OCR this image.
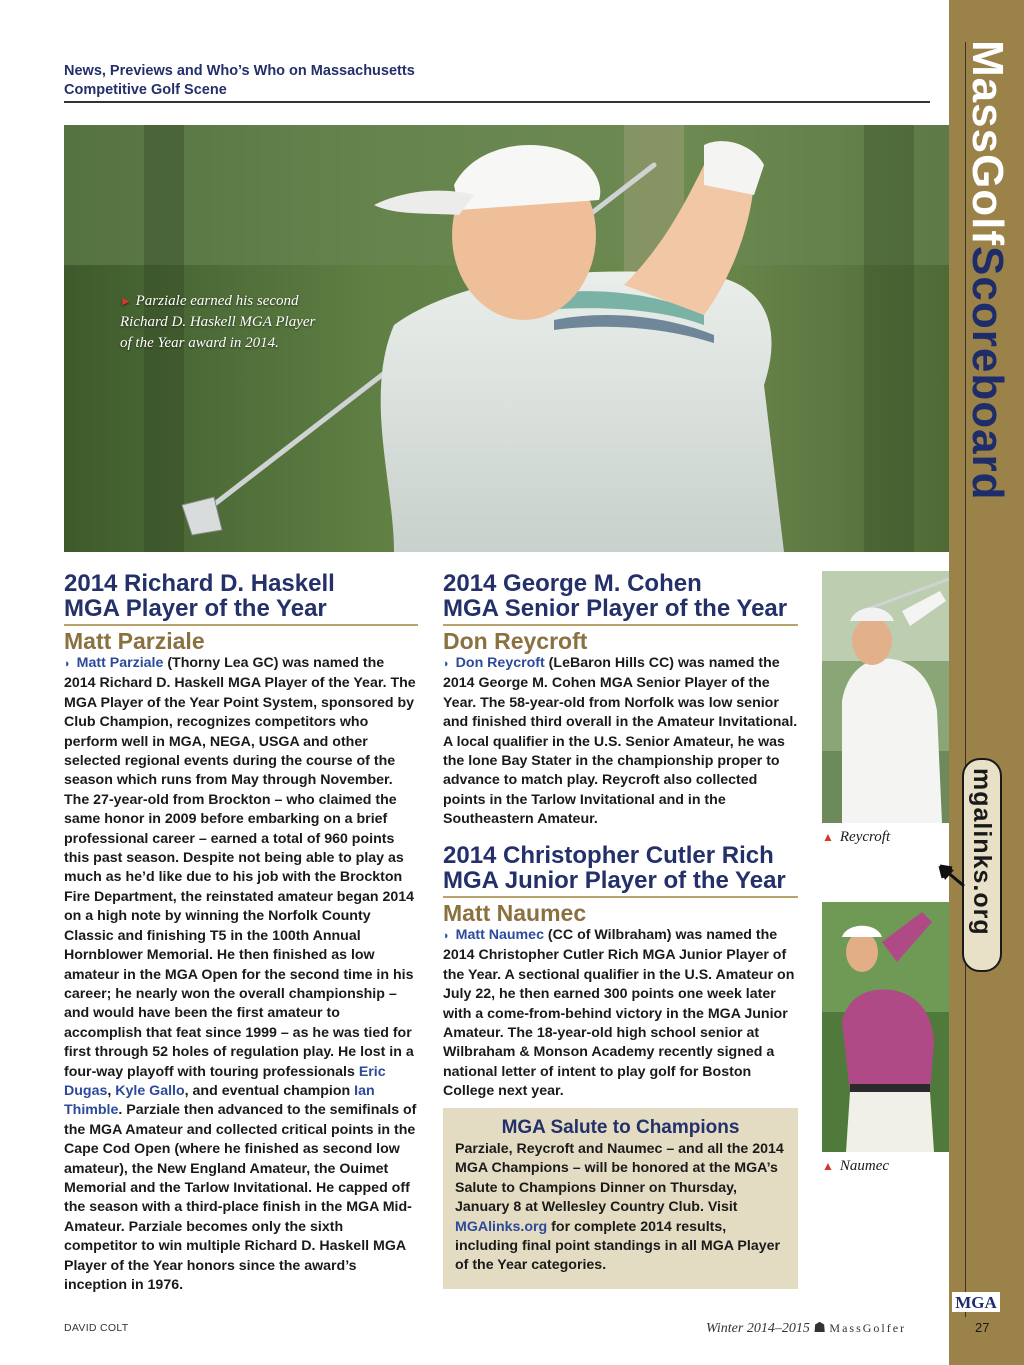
News, Previews and Who’s Who on Massachusetts
Competitive Golf Scene
► Parziale earned his second Richard D. Haskell MGA Player of the Year award in 2014.
MassGolfScoreboard
mgalinks.org
MGA
27
2014 Richard D. Haskell
MGA Player of the Year
Matt Parziale

◗ Matt Parziale (Thorny Lea GC) was named the 2014 Richard D. Haskell MGA Player of the Year. The MGA Player of the Year Point System, sponsored by Club Champion, recognizes competitors who perform well in MGA, NEGA, USGA and other selected regional events during the course of the season which runs from May through November. The 27-year-old from Brockton – who claimed the same honor in 2009 before embarking on a brief professional career – earned a total of 960 points this past season. Despite not being able to play as much as he’d like due to his job with the Brockton Fire Department, the reinstated amateur began 2014 on a high note by winning the Norfolk County Classic and finishing T5 in the 100th Annual Hornblower Memorial. He then finished as low amateur in the MGA Open for the second time in his career; he nearly won the overall championship – and would have been the first amateur to accomplish that feat since 1999 – as he was tied for first through 52 holes of regulation play. He lost in a four-way playoff with touring professionals Eric Dugas, Kyle Gallo, and eventual champion Ian Thimble. Parziale then advanced to the semifinals of the MGA Amateur and collected critical points in the Cape Cod Open (where he finished as second low amateur), the New England Amateur, the Ouimet Memorial and the Tarlow Invitational. He capped off the season with a third-place finish in the MGA Mid-Amateur. Parziale becomes only the sixth competitor to win multiple Richard D. Haskell MGA Player of the Year honors since the award’s inception in 1976.

2014 George M. Cohen
MGA Senior Player of the Year
Don Reycroft

◗ Don Reycroft (LeBaron Hills CC) was named the 2014 George M. Cohen MGA Senior Player of the Year. The 58-year-old from Norfolk was low senior and finished third overall in the Amateur Invitational. A local qualifier in the U.S. Senior Amateur, he was the lone Bay Stater in the championship proper to advance to match play. Reycroft also collected points in the Tarlow Invitational and in the Southeastern Amateur.

2014 Christopher Cutler Rich
MGA Junior Player of the Year
Matt Naumec

◗ Matt Naumec (CC of Wilbraham) was named the 2014 Christopher Cutler Rich MGA Junior Player of the Year. A sectional qualifier in the U.S. Amateur on July 22, he then earned 300 points one week later with a come-from-behind victory in the MGA Junior Amateur. The 18-year-old high school senior at Wilbraham & Monson Academy recently signed a national letter of intent to play golf for Boston College next year.

MGA Salute to Champions

Parziale, Reycroft and Naumec – and all the 2014 MGA Champions – will be honored at the MGA’s Salute to Champions Dinner on Thursday, January 8 at Wellesley Country Club. Visit MGAlinks.org for complete 2014 results, including final point standings in all MGA Player of the Year categories.

▲ Reycroft
▲ Naumec
DAVID COLT	Winter 2014–2015 ☗ MassGolfer
